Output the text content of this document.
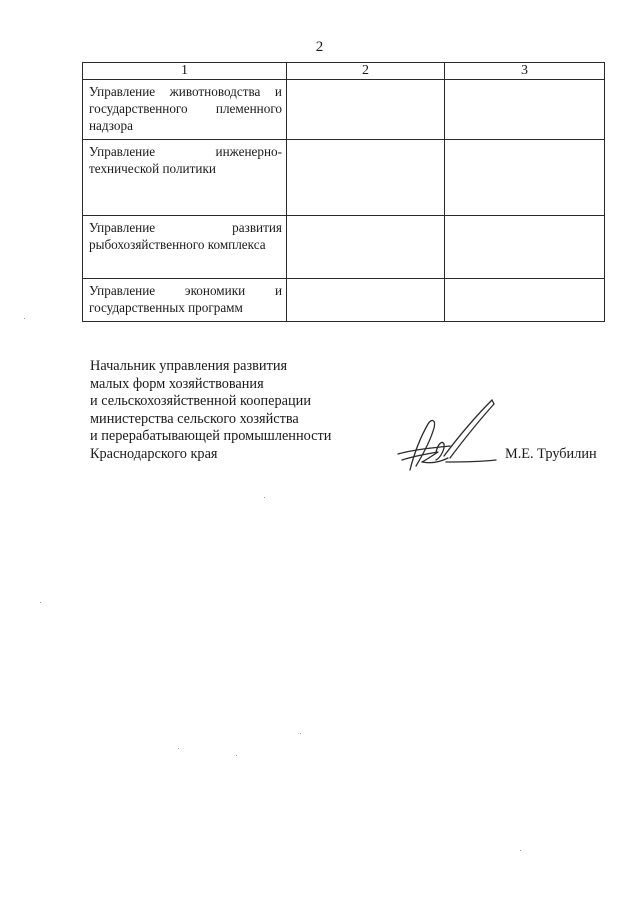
2
1	2	3

Управление животноводства и государственного племенного надзора		

Управление инженерно-технической политики		

Управление развития рыбохозяйственного комплекса		

Управление экономики и государственных программ		

Начальник управления развития
малых форм хозяйствования
и сельскохозяйственной кооперации
министерства сельского хозяйства
и перерабатывающей промышленности
Краснодарского края	М.Е. Трубилин
